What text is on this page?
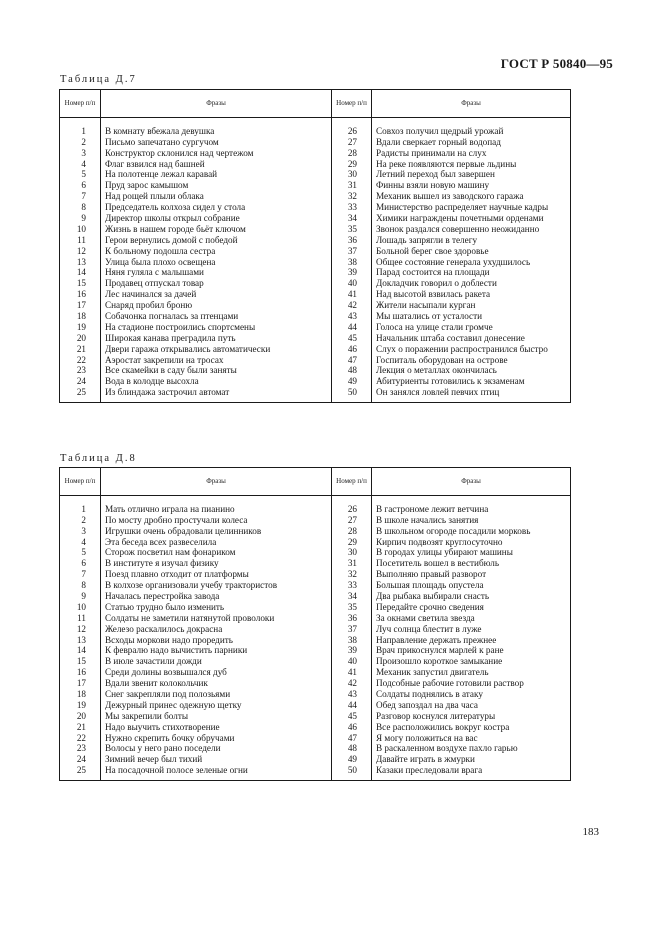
ГОСТ Р 50840—95
Таблица Д.7
Номер п/п	Фразы	Номер п/п	Фразы

1	В комнату вбежала девушка	26	Совхоз получил щедрый урожай
2	Письмо запечатано сургучом	27	Вдали сверкает горный водопад
3	Конструктор склонился над чертежом	28	Радисты принимали на слух
4	Флаг взвился над башней	29	На реке появляются первые льдины
5	На полотенце лежал каравай	30	Летний переход был завершен
6	Пруд зарос камышом	31	Финны взяли новую машину
7	Над рощей плыли облака	32	Механик вышел из заводского гаража
8	Председатель колхоза сидел у стола	33	Министерство распределяет научные кадры
9	Директор школы открыл собрание	34	Химики награждены почетными орденами
10	Жизнь в нашем городе бьёт ключом	35	Звонок раздался совершенно неожиданно
11	Герои вернулись домой с победой	36	Лошадь запрягли в телегу
12	К больному подошла сестра	37	Больной берег свое здоровье
13	Улица была плохо освещена	38	Общее состояние генерала ухудшилось
14	Няня гуляла с малышами	39	Парад состоится на площади
15	Продавец отпускал товар	40	Докладчик говорил о доблести
16	Лес начинался за дачей	41	Над высотой взвилась ракета
17	Снаряд пробил броню	42	Жители насыпали курган
18	Собачонка погналась за птенцами	43	Мы шатались от усталости
19	На стадионе построились спортсмены	44	Голоса на улице стали громче
20	Широкая канава преградила путь	45	Начальник штаба составил донесение
21	Двери гаража открывались автоматически	46	Слух о поражении распространился быстро
22	Аэростат закрепили на тросах	47	Госпиталь оборудован на острове
23	Все скамейки в саду были заняты	48	Лекция о металлах окончилась
24	Вода в колодце высохла	49	Абитуриенты готовились к экзаменам
25	Из блиндажа застрочил автомат	50	Он занялся ловлей певчих птиц

Таблица Д.8
Номер п/п	Фразы	Номер п/п	Фразы

1	Мать отлично играла на пианино	26	В гастрономе лежит ветчина
2	По мосту дробно простучали колеса	27	В школе начались занятия
3	Игрушки очень обрадовали целинников	28	В школьном огороде посадили морковь
4	Эта беседа всех развеселила	29	Кирпич подвозят круглосуточно
5	Сторож посветил нам фонариком	30	В городах улицы убирают машины
6	В институте я изучал физику	31	Посетитель вошел в вестибюль
7	Поезд плавно отходит от платформы	32	Выполняю правый разворот
8	В колхозе организовали учебу трактористов	33	Большая площадь опустела
9	Началась перестройка завода	34	Два рыбака выбирали снасть
10	Статью трудно было изменить	35	Передайте срочно сведения
11	Солдаты не заметили натянутой проволоки	36	За окнами светила звезда
12	Железо раскалилось докрасна	37	Луч солнца блестит в луже
13	Всходы моркови надо проредить	38	Направление держать прежнее
14	К февралю надо вычистить парники	39	Врач прикоснулся марлей к ране
15	В июле зачастили дожди	40	Произошло короткое замыкание
16	Среди долины возвышался дуб	41	Механик запустил двигатель
17	Вдали звенит колокольчик	42	Подсобные рабочие готовили раствор
18	Снег закрепляли под полозьями	43	Солдаты поднялись в атаку
19	Дежурный принес одежную щетку	44	Обед запоздал на два часа
20	Мы закрепили болты	45	Разговор коснулся литературы
21	Надо выучить стихотворение	46	Все расположились вокруг костра
22	Нужно скрепить бочку обручами	47	Я могу положиться на вас
23	Волосы у него рано поседели	48	В раскаленном воздухе пахло гарью
24	Зимний вечер был тихий	49	Давайте играть в жмурки
25	На посадочной полосе зеленые огни	50	Казаки преследовали врага

183
